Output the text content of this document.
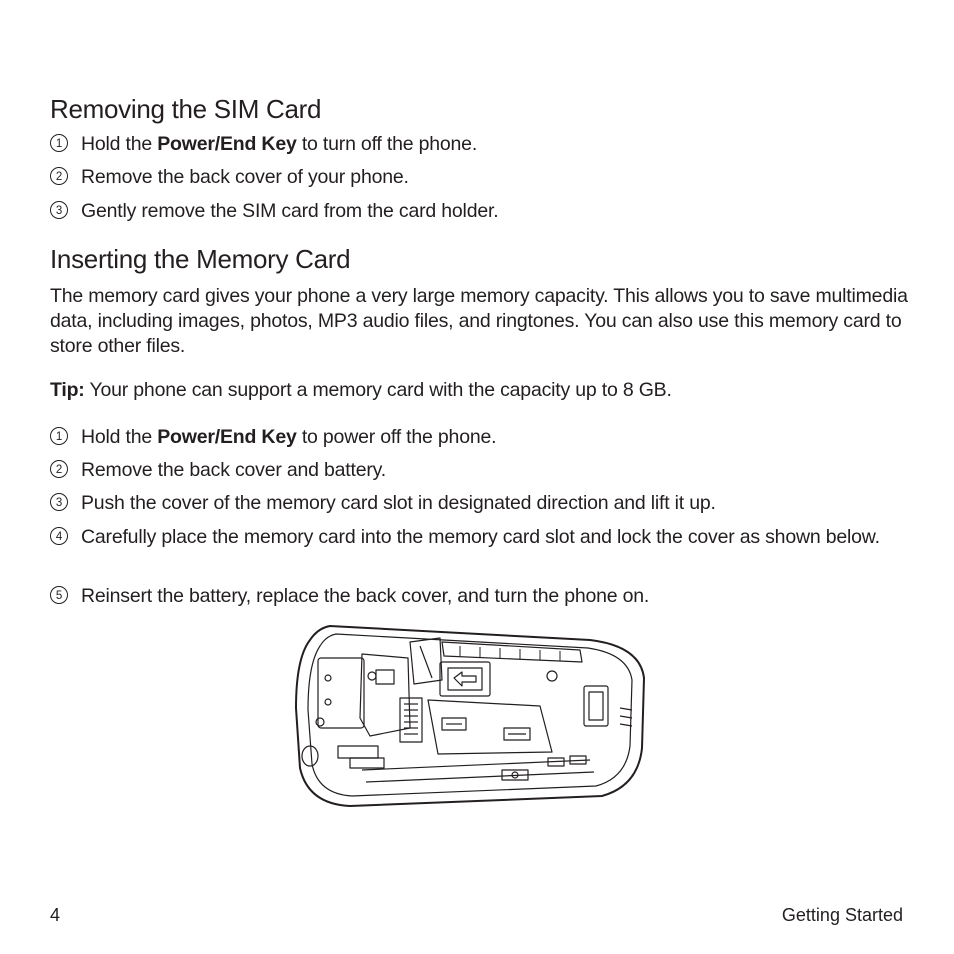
Removing the SIM Card
1 Hold the Power/End Key to turn off the phone.
2 Remove the back cover of your phone.
3 Gently remove the SIM card from the card holder.
Inserting the Memory Card

The memory card gives your phone a very large memory capacity. This allows you to save multimedia data, including images, photos, MP3 audio files, and ringtones. You can also use this memory card to store other files.

Tip: Your phone can support a memory card with the capacity up to 8 GB.

1 Hold the Power/End Key to power off the phone.
2 Remove the back cover and battery.
3 Push the cover of the memory card slot in designated direction and lift it up.
4 Carefully place the memory card into the memory card slot and lock the cover as shown below.
5 Reinsert the battery, replace the back cover, and turn the phone on.
4	Getting Started
